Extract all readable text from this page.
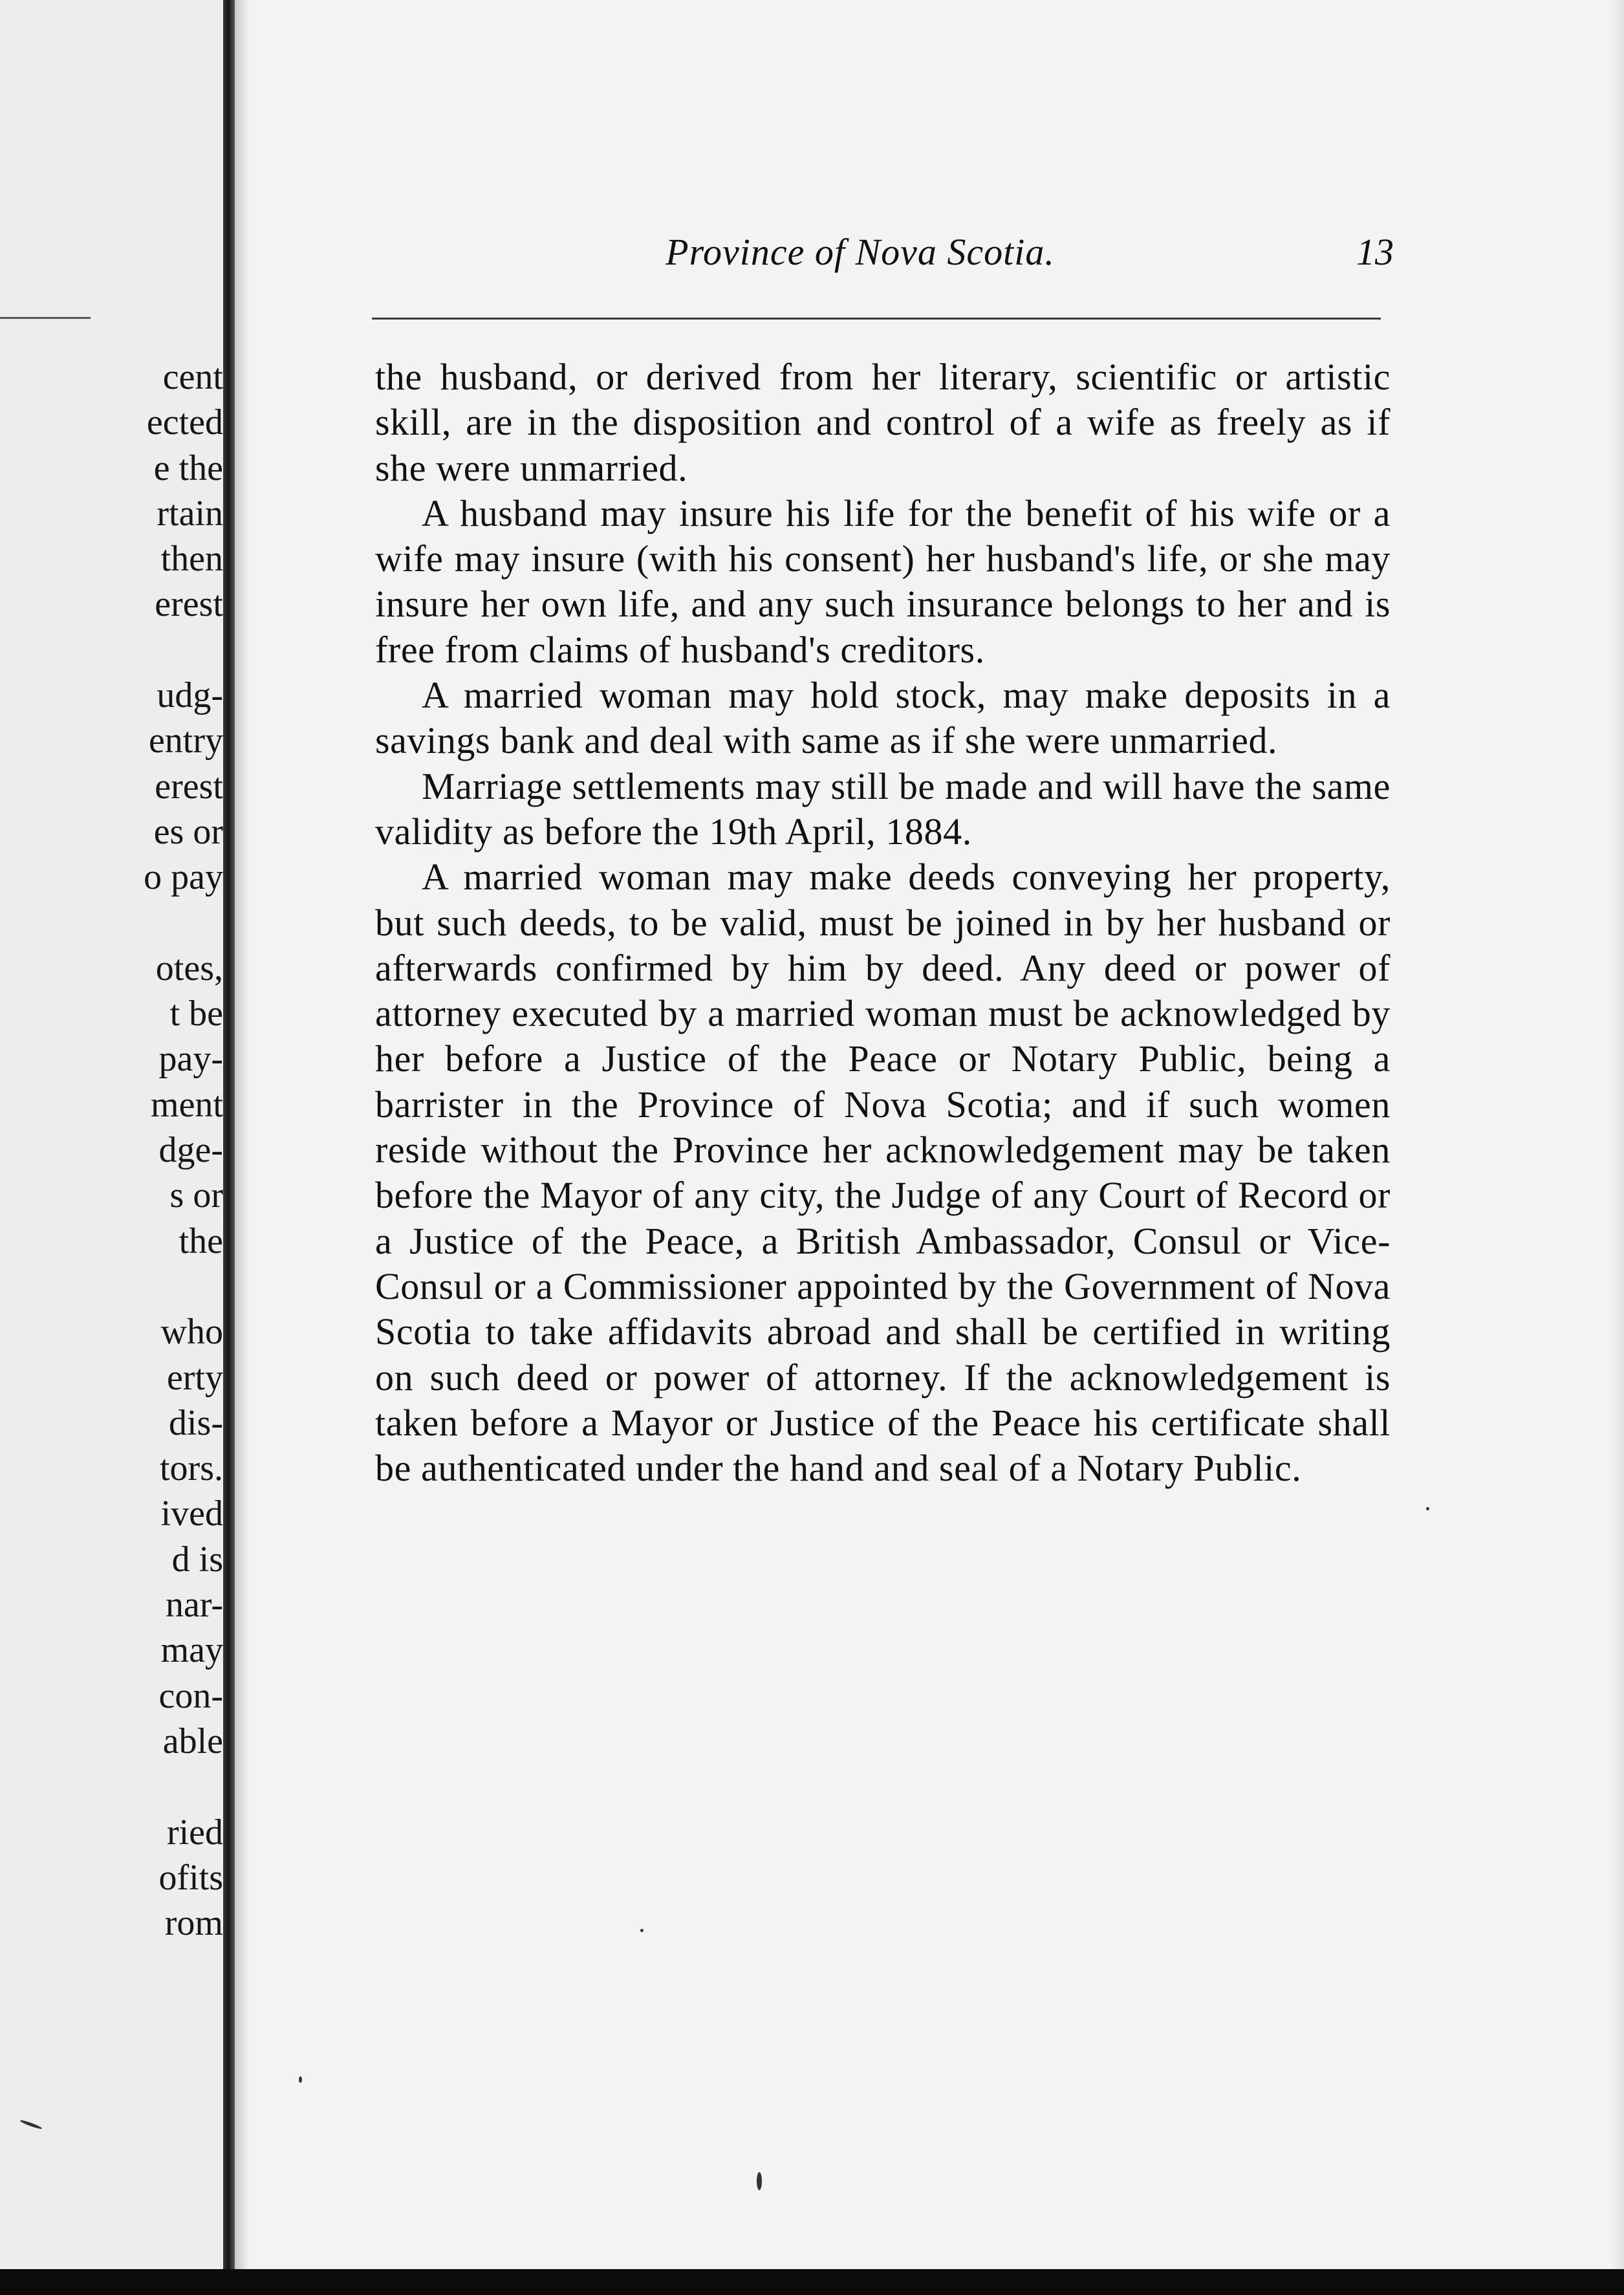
cent
ected
e the
rtain
then
erest

udg-
entry
erest
es or
o pay

otes,
t be
pay-
ment
dge-
s or
the

who
erty
dis-
tors.
ived
d is
nar-
may
con-
able

ried
ofits
rom
Province of Nova Scotia.	13

the husband, or derived from her literary, scientific or artistic skill, are in the disposition and control of a wife as freely as if she were unmarried.

A husband may insure his life for the benefit of his wife or a wife may insure (with his consent) her husband's life, or she may insure her own life, and any such insurance belongs to her and is free from claims of husband's creditors.

A married woman may hold stock, may make deposits in a savings bank and deal with same as if she were unmarried.

Marriage settlements may still be made and will have the same validity as before the 19th April, 1884.

A married woman may make deeds conveying her property, but such deeds, to be valid, must be joined in by her husband or afterwards confirmed by him by deed. Any deed or power of attorney executed by a married woman must be acknowledged by her before a Justice of the Peace or Notary Public, being a barrister in the Province of Nova Scotia; and if such women reside without the Province her acknowledgement may be taken before the Mayor of any city, the Judge of any Court of Record or a Justice of the Peace, a British Ambassador, Consul or Vice-Consul or a Commissioner appointed by the Government of Nova Scotia to take affidavits abroad and shall be certified in writing on such deed or power of attorney. If the acknowledgement is taken before a Mayor or Justice of the Peace his certificate shall be authenticated under the hand and seal of a Notary Public.
